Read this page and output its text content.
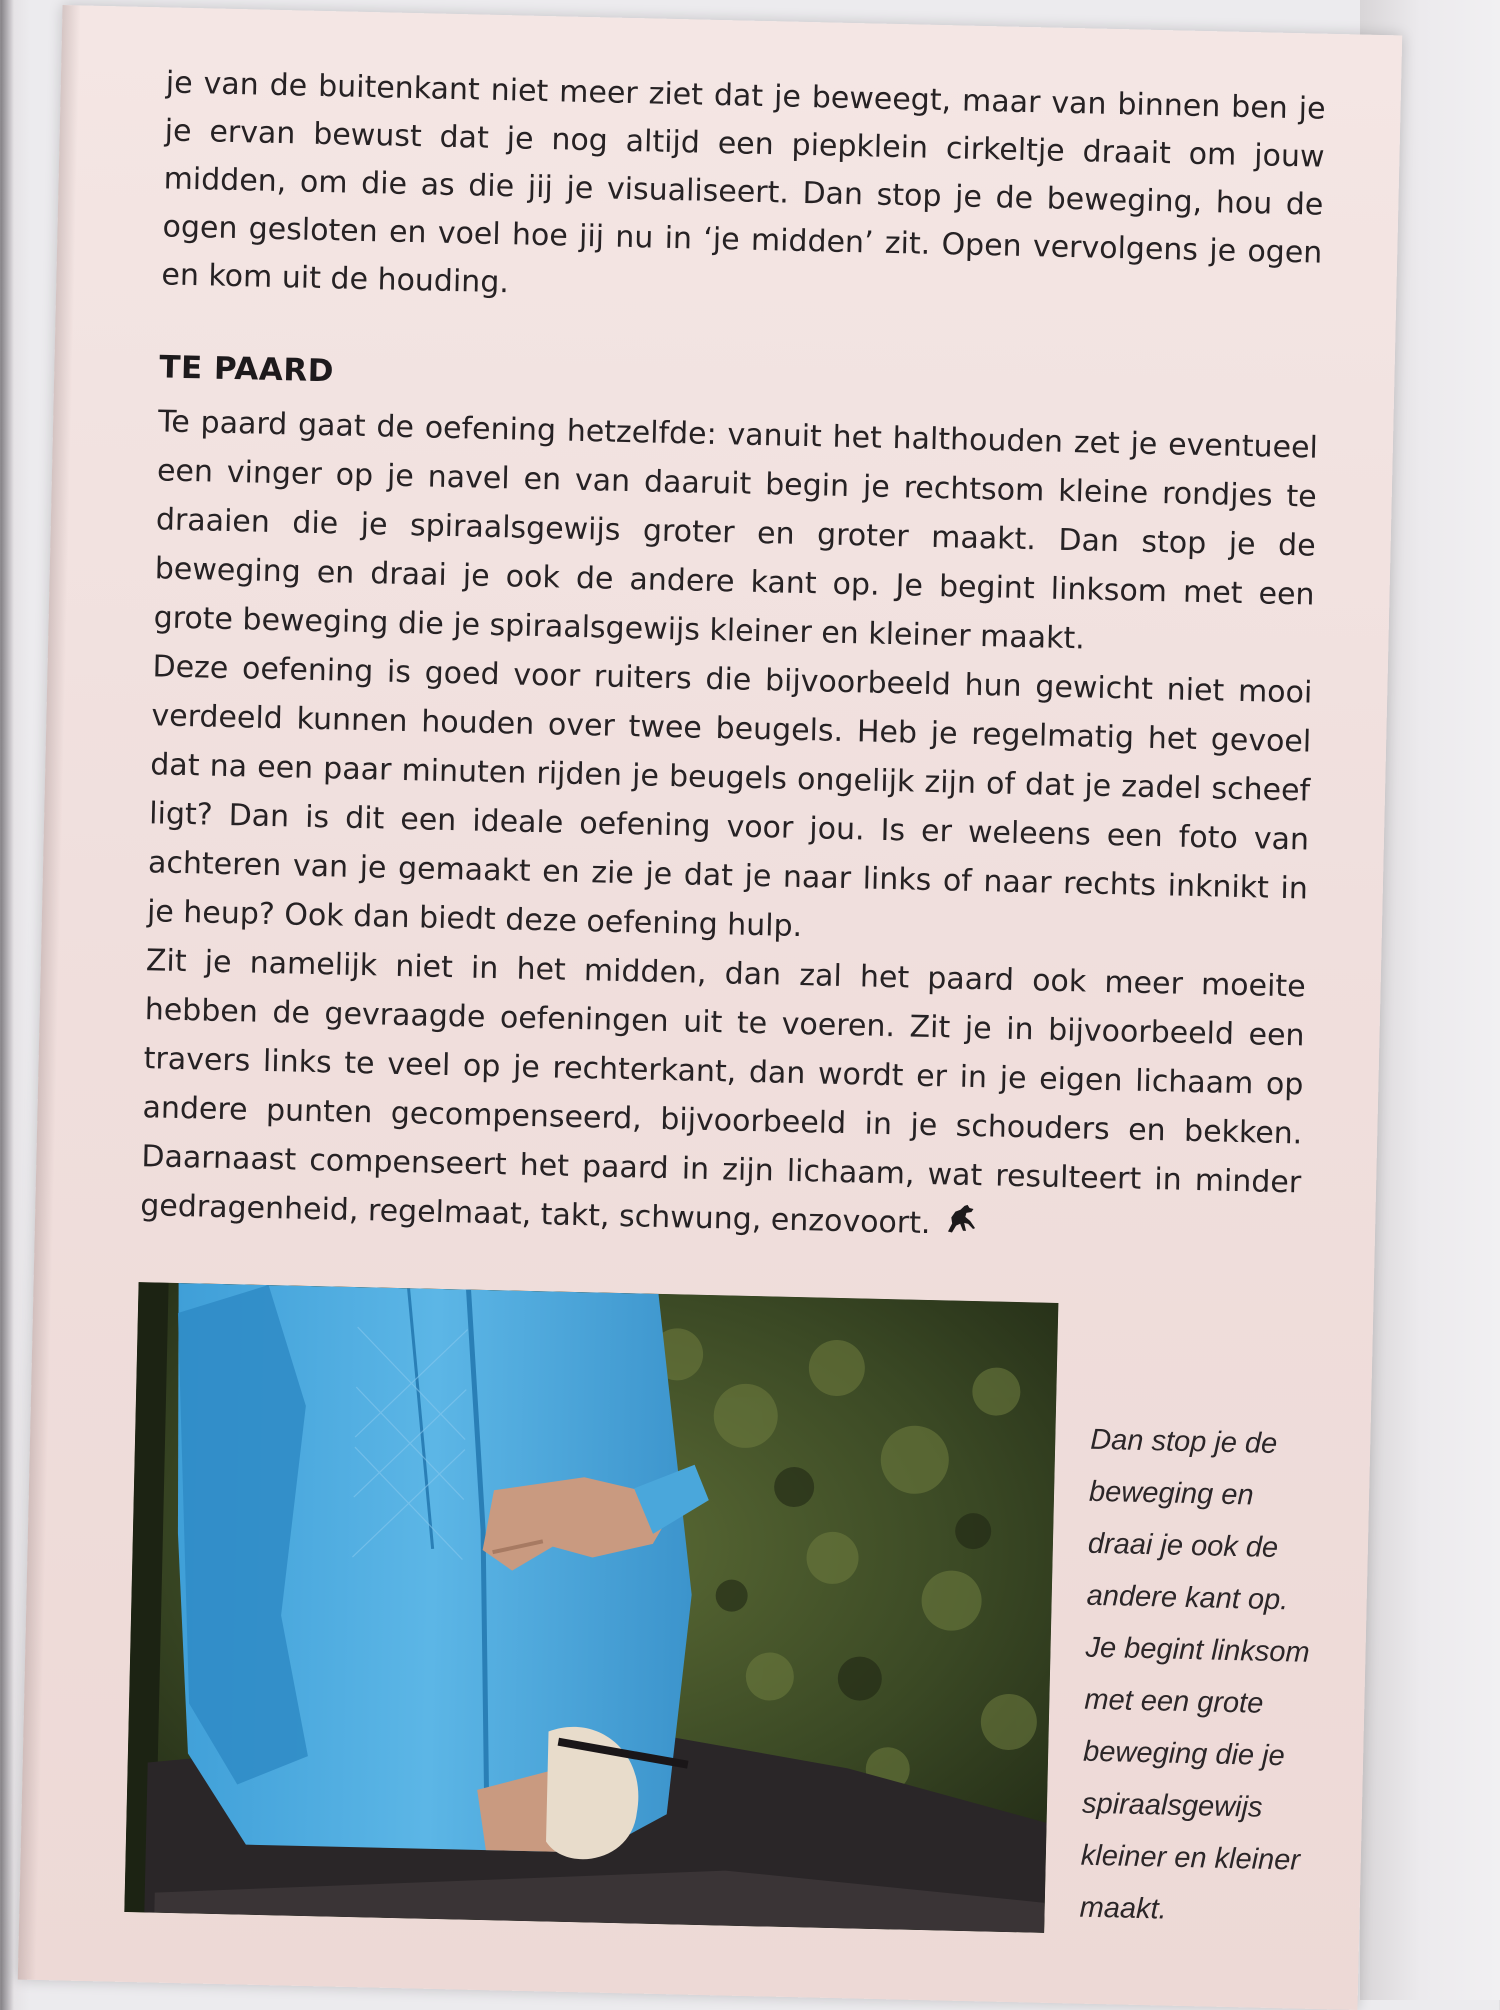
je van de buitenkant niet meer ziet dat je beweegt, maar van binnen ben je je ervan bewust dat je nog altijd een piepklein cirkeltje draait om jouw midden, om die as die jij je visualiseert. Dan stop je de beweging, hou de ogen gesloten en voel hoe jij nu in ‘je midden’ zit. Open vervolgens je ogen en kom uit de houding.
TE PAARD

Te paard gaat de oefening hetzelfde: vanuit het halthouden zet je eventueel een vinger op je navel en van daaruit begin je rechtsom kleine rondjes te draaien die je spiraalsgewijs groter en groter maakt. Dan stop je de beweging en draai je ook de andere kant op. Je begint linksom met een grote beweging die je spiraalsgewijs kleiner en kleiner maakt.

Deze oefening is goed voor ruiters die bijvoorbeeld hun gewicht niet mooi verdeeld kunnen houden over twee beugels. Heb je regelmatig het gevoel dat na een paar minuten rijden je beugels ongelijk zijn of dat je zadel scheef ligt? Dan is dit een ideale oefening voor jou. Is er weleens een foto van achteren van je gemaakt en zie je dat je naar links of naar rechts inknikt in je heup? Ook dan biedt deze oefening hulp.

Zit je namelijk niet in het midden, dan zal het paard ook meer moeite hebben de gevraagde oefeningen uit te voeren. Zit je in bijvoorbeeld een travers links te veel op je rechterkant, dan wordt er in je eigen lichaam op andere punten gecompenseerd, bijvoorbeeld in je schouders en bekken. Daarnaast compenseert het paard in zijn lichaam, wat resulteert in minder gedragenheid, regelmaat, takt, schwung, enzovoort.

Dan stop je de
beweging en
draai je ook de
andere kant op.
Je begint linksom
met een grote
beweging die je
spiraalsgewijs
kleiner en kleiner
maakt.
